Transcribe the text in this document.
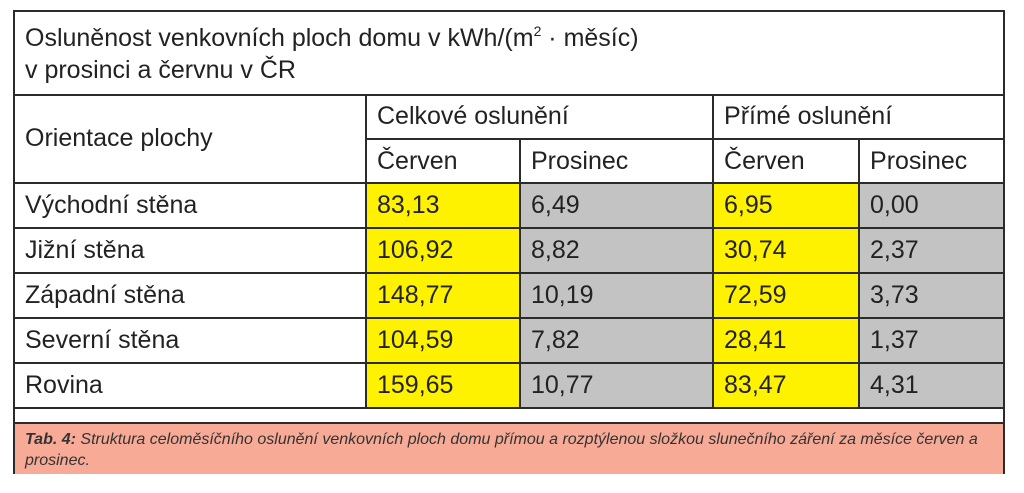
Osluněnost venkovních ploch domu v kWh/($m^2$ · měsíc)
v prosinci a červnu v ČR
Orientace plochy	Celkové oslunění		Přímé oslunění	
	Červen	Prosinec	Červen	Prosinec
Východní stěna	83,13	6,49	6,95	0,00
Jižní stěna	106,92	8,82	30,74	2,37
Západní stěna	148,77	10,19	72,59	3,73
Severní stěna	104,59	7,82	28,41	1,37
Rovina	159,65	10,77	83,47	4,31
Tab. 4: Struktura celoměsíčního oslunění venkovních ploch domu přímou a rozptýlenou složkou slunečního záření za měsíce červen a prosinec.
